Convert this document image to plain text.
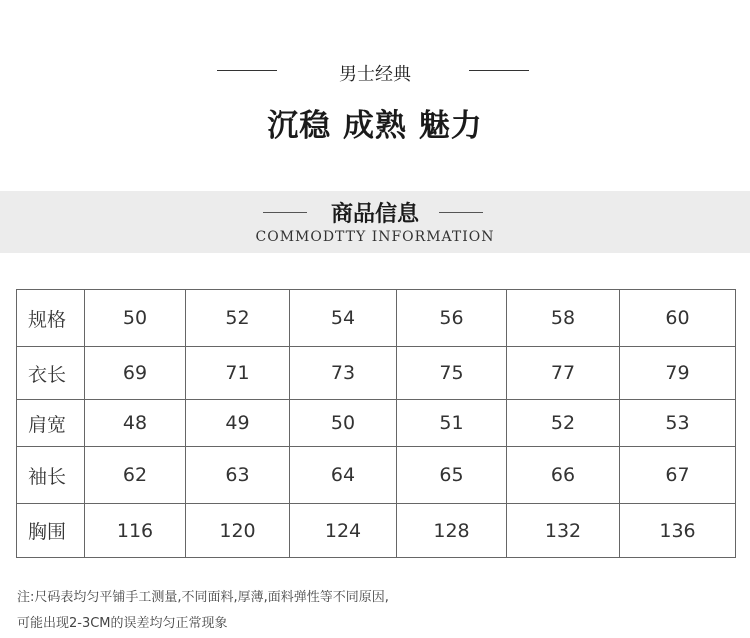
男士经典
沉稳 成熟 魅力
商品信息
COMMODTTY INFORMATION
规格	50	52	54	56	58	60
衣长	69	71	73	75	77	79
肩宽	48	49	50	51	52	53
袖长	62	63	64	65	66	67
胸围	116	120	124	128	132	136
注:尺码表均匀平铺手工测量,不同面料,厚薄,面料弹性等不同原因,
可能出现2-3CM的误差均匀正常现象
